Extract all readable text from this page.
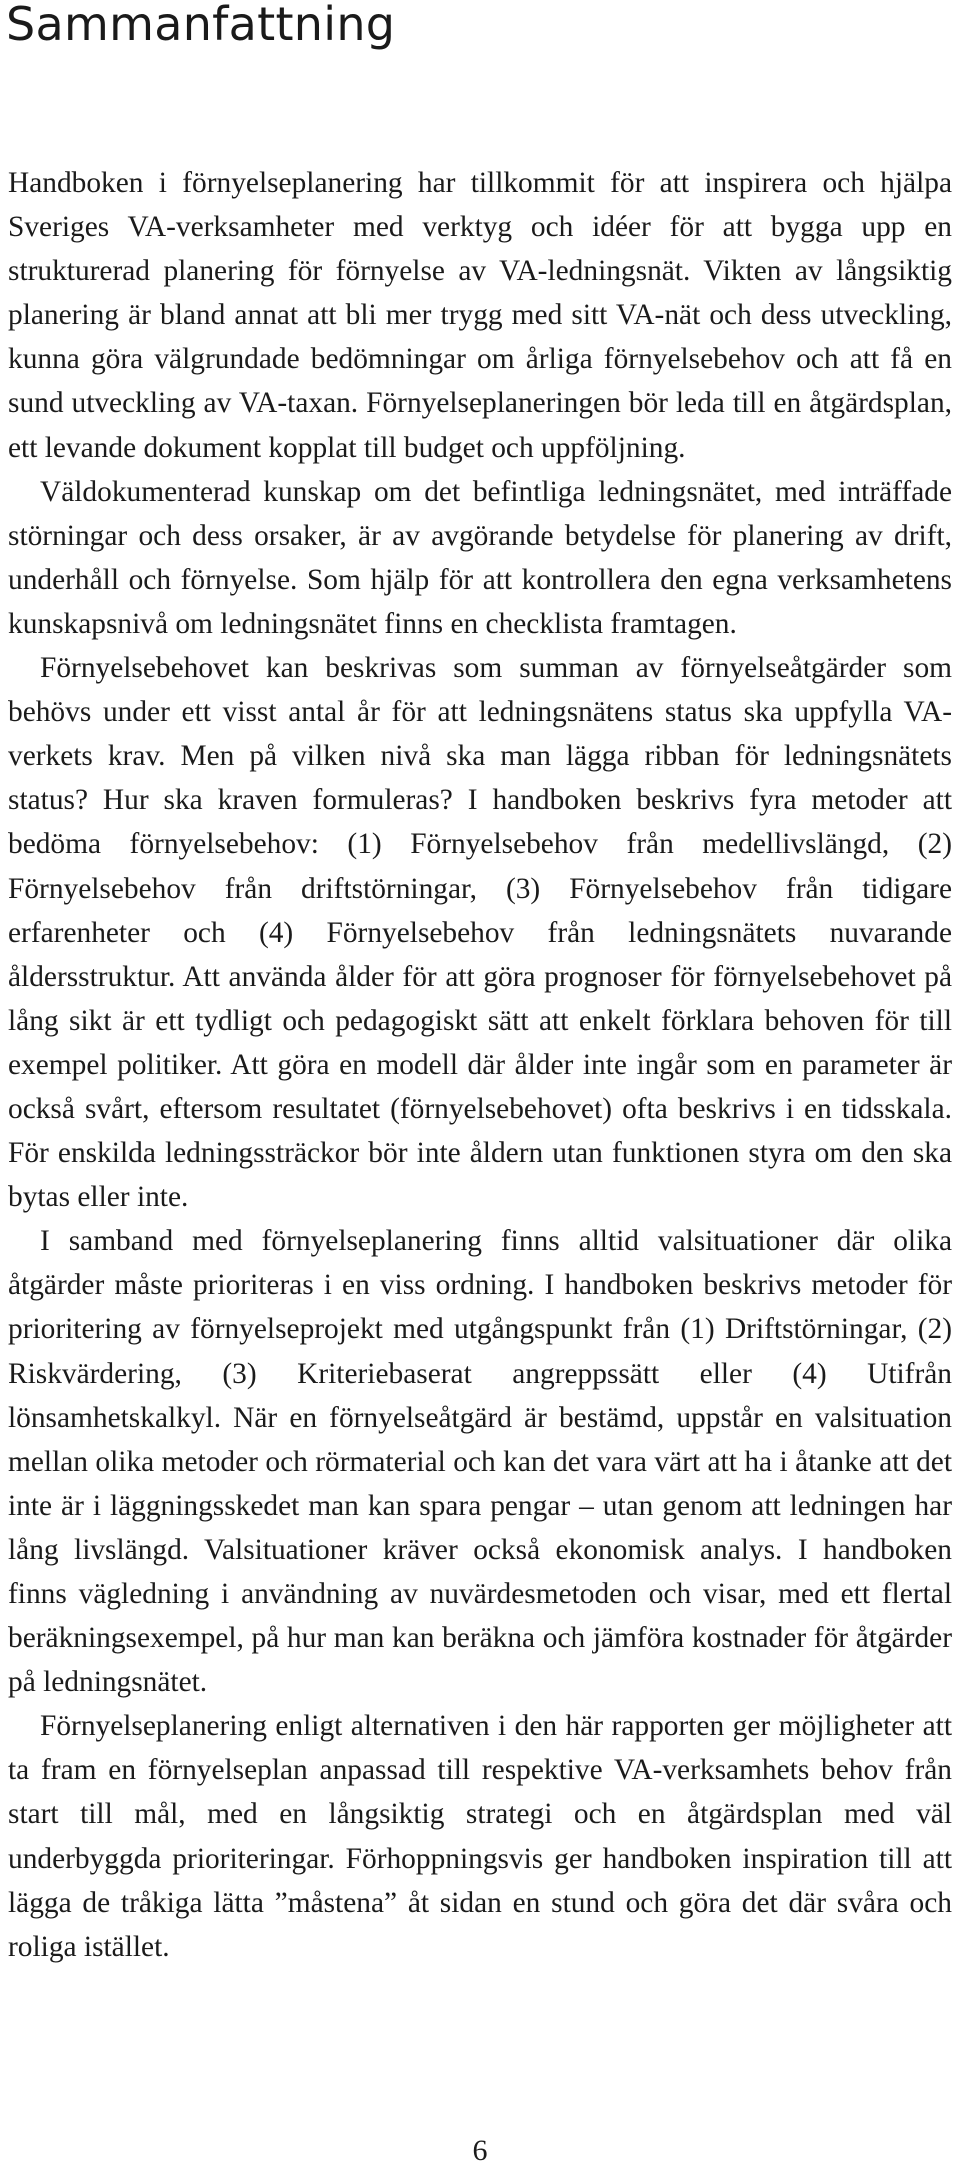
Sammanfattning

Handboken i förnyelseplanering har tillkommit för att inspirera och hjälpa Sveriges VA-verksamheter med verktyg och idéer för att bygga upp en strukturerad planering för förnyelse av VA-ledningsnät. Vikten av långsiktig planering är bland annat att bli mer trygg med sitt VA-nät och dess utveckling, kunna göra välgrundade bedömningar om årliga förnyelsebehov och att få en sund utveckling av VA-taxan. Förnyelseplaneringen bör leda till en åtgärdsplan, ett levande dokument kopplat till budget och uppföljning.

Väldokumenterad kunskap om det befintliga ledningsnätet, med inträffade störningar och dess orsaker, är av avgörande betydelse för planering av drift, underhåll och förnyelse. Som hjälp för att kontrollera den egna verksamhetens kunskapsnivå om ledningsnätet finns en checklista framtagen.

Förnyelsebehovet kan beskrivas som summan av förnyelseåtgärder som behövs under ett visst antal år för att ledningsnätens status ska uppfylla VA-verkets krav. Men på vilken nivå ska man lägga ribban för ledningsnätets status? Hur ska kraven formuleras? I handboken beskrivs fyra metoder att bedöma förnyelsebehov: (1) Förnyelsebehov från medellivslängd, (2) Förnyelsebehov från driftstörningar, (3) Förnyelsebehov från tidigare erfarenheter och (4) Förnyelsebehov från ledningsnätets nuvarande åldersstruktur. Att använda ålder för att göra prognoser för förnyelsebehovet på lång sikt är ett tydligt och pedagogiskt sätt att enkelt förklara behoven för till exempel politiker. Att göra en modell där ålder inte ingår som en parameter är också svårt, eftersom resultatet (förnyelsebehovet) ofta beskrivs i en tidsskala. För enskilda ledningssträckor bör inte åldern utan funktionen styra om den ska bytas eller inte.

I samband med förnyelseplanering finns alltid valsituationer där olika åtgärder måste prioriteras i en viss ordning. I handboken beskrivs metoder för prioritering av förnyelseprojekt med utgångspunkt från (1) Driftstörningar, (2) Riskvärdering, (3) Kriteriebaserat angreppssätt eller (4) Utifrån lönsamhetskalkyl. När en förnyelseåtgärd är bestämd, uppstår en valsituation mellan olika metoder och rörmaterial och kan det vara värt att ha i åtanke att det inte är i läggningsskedet man kan spara pengar – utan genom att ledningen har lång livslängd. Valsituationer kräver också ekonomisk analys. I handboken finns vägledning i användning av nuvärdesmetoden och visar, med ett flertal beräkningsexempel, på hur man kan beräkna och jämföra kostnader för åtgärder på ledningsnätet.

Förnyelseplanering enligt alternativen i den här rapporten ger möjligheter att ta fram en förnyelseplan anpassad till respektive VA-verksamhets behov från start till mål, med en långsiktig strategi och en åtgärdsplan med väl underbyggda prioriteringar. Förhoppningsvis ger handboken inspiration till att lägga de tråkiga lätta ”måstena” åt sidan en stund och göra det där svåra och roliga istället.

6
